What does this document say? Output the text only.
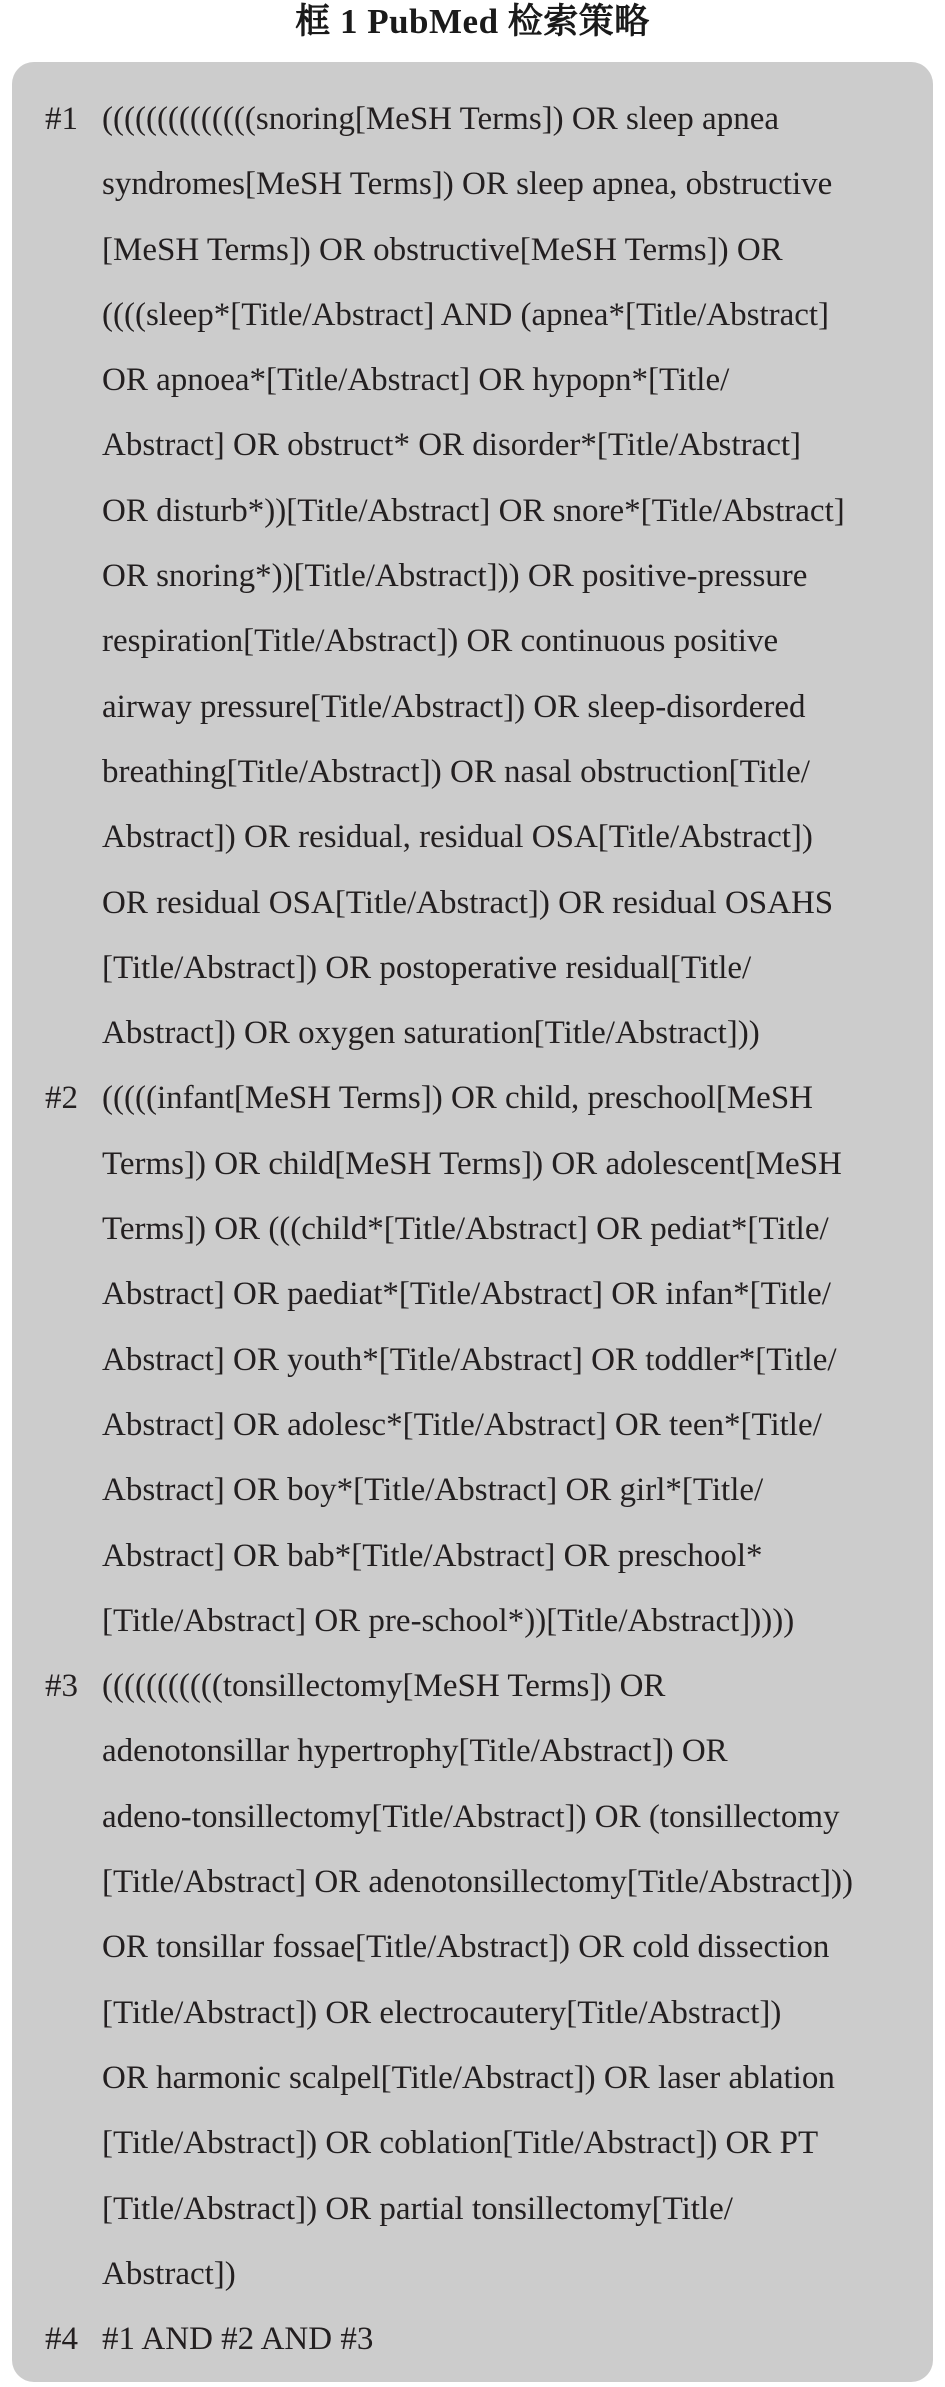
框 1 PubMed 检索策略
#1 ((((((((((((((snoring[MeSH Terms]) OR sleep apnea
syndromes[MeSH Terms]) OR sleep apnea, obstructive
[MeSH Terms]) OR obstructive[MeSH Terms]) OR
((((sleep*[Title/Abstract] AND (apnea*[Title/Abstract]
OR apnoea*[Title/Abstract] OR hypopn*[Title/
Abstract] OR obstruct* OR disorder*[Title/Abstract]
OR disturb*))[Title/Abstract] OR snore*[Title/Abstract]
OR snoring*))[Title/Abstract])) OR positive-pressure
respiration[Title/Abstract]) OR continuous positive
airway pressure[Title/Abstract]) OR sleep-disordered
breathing[Title/Abstract]) OR nasal obstruction[Title/
Abstract]) OR residual, residual OSA[Title/Abstract])
OR residual OSA[Title/Abstract]) OR residual OSAHS
[Title/Abstract]) OR postoperative residual[Title/
Abstract]) OR oxygen saturation[Title/Abstract]))
#2 (((((infant[MeSH Terms]) OR child, preschool[MeSH
Terms]) OR child[MeSH Terms]) OR adolescent[MeSH
Terms]) OR (((child*[Title/Abstract] OR pediat*[Title/
Abstract] OR paediat*[Title/Abstract] OR infan*[Title/
Abstract] OR youth*[Title/Abstract] OR toddler*[Title/
Abstract] OR adolesc*[Title/Abstract] OR teen*[Title/
Abstract] OR boy*[Title/Abstract] OR girl*[Title/
Abstract] OR bab*[Title/Abstract] OR preschool*
[Title/Abstract] OR pre-school*))[Title/Abstract]))))
#3 (((((((((((tonsillectomy[MeSH Terms]) OR
adenotonsillar hypertrophy[Title/Abstract]) OR
adeno-tonsillectomy[Title/Abstract]) OR (tonsillectomy
[Title/Abstract] OR adenotonsillectomy[Title/Abstract]))
OR tonsillar fossae[Title/Abstract]) OR cold dissection
[Title/Abstract]) OR electrocautery[Title/Abstract])
OR harmonic scalpel[Title/Abstract]) OR laser ablation
[Title/Abstract]) OR coblation[Title/Abstract]) OR PT
[Title/Abstract]) OR partial tonsillectomy[Title/
Abstract])
#4 #1 AND #2 AND #3
